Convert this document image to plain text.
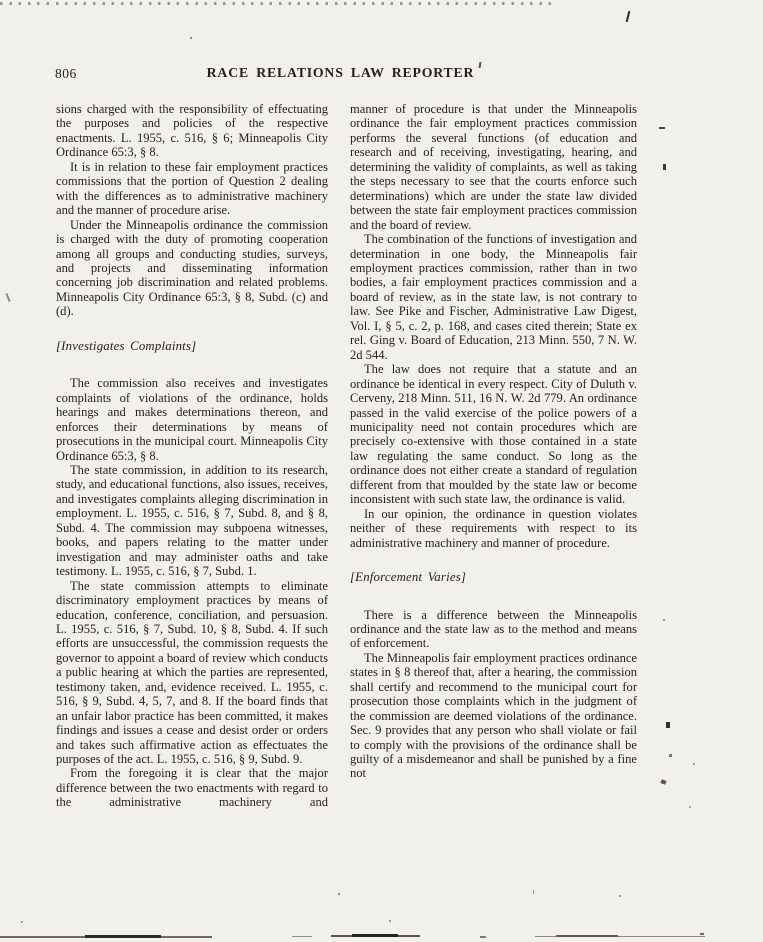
806	RACE RELATIONS LAW REPORTER

sions charged with the responsibility of effectuating the purposes and policies of the respective enactments. L. 1955, c. 516, § 6; Minneapolis City Ordinance 65:3, § 8.

It is in relation to these fair employment practices commissions that the portion of Question 2 dealing with the differences as to administrative machinery and the manner of procedure arise.

Under the Minneapolis ordinance the commission is charged with the duty of promoting cooperation among all groups and conducting studies, surveys, and projects and disseminating information concerning job discrimination and related problems. Minneapolis City Ordinance 65:3, § 8, Subd. (c) and (d).

[Investigates Complaints]

The commission also receives and investigates complaints of violations of the ordinance, holds hearings and makes determinations thereon, and enforces their determinations by means of prosecutions in the municipal court. Minneapolis City Ordinance 65:3, § 8.

The state commission, in addition to its research, study, and educational functions, also issues, receives, and investigates complaints alleging discrimination in employment. L. 1955, c. 516, § 7, Subd. 8, and § 8, Subd. 4. The commission may subpoena witnesses, books, and papers relating to the matter under investigation and may administer oaths and take testimony. L. 1955, c. 516, § 7, Subd. 1.

The state commission attempts to eliminate discriminatory employment practices by means of education, conference, conciliation, and persuasion. L. 1955, c. 516, § 7, Subd. 10, § 8, Subd. 4. If such efforts are unsuccessful, the commission requests the governor to appoint a board of review which conducts a public hearing at which the parties are represented, testimony taken, and, evidence received. L. 1955, c. 516, § 9, Subd. 4, 5, 7, and 8. If the board finds that an unfair labor practice has been committed, it makes findings and issues a cease and desist order or orders and takes such affirmative action as effectuates the purposes of the act. L. 1955, c. 516, § 9, Subd. 9.

From the foregoing it is clear that the major difference between the two enactments with regard to the administrative machinery and

manner of procedure is that under the Minneapolis ordinance the fair employment practices commission performs the several functions (of education and research and of receiving, investigating, hearing, and determining the validity of complaints, as well as taking the steps necessary to see that the courts enforce such determinations) which are under the state law divided between the state fair employment practices commission and the board of review.

The combination of the functions of investigation and determination in one body, the Minneapolis fair employment practices commission, rather than in two bodies, a fair employment practices commission and a board of review, as in the state law, is not contrary to law. See Pike and Fischer, Administrative Law Digest, Vol. I, § 5, c. 2, p. 168, and cases cited therein; State ex rel. Ging v. Board of Education, 213 Minn. 550, 7 N. W. 2d 544.

The law does not require that a statute and an ordinance be identical in every respect. City of Duluth v. Cerveny, 218 Minn. 511, 16 N. W. 2d 779. An ordinance passed in the valid exercise of the police powers of a municipality need not contain procedures which are precisely co-extensive with those contained in a state law regulating the same conduct. So long as the ordinance does not either create a standard of regulation different from that moulded by the state law or become inconsistent with such state law, the ordinance is valid.

In our opinion, the ordinance in question violates neither of these requirements with respect to its administrative machinery and manner of procedure.

[Enforcement Varies]

There is a difference between the Minneapolis ordinance and the state law as to the method and means of enforcement.

The Minneapolis fair employment practices ordinance states in § 8 thereof that, after a hearing, the commission shall certify and recommend to the municipal court for prosecution those complaints which in the judgment of the commission are deemed violations of the ordinance. Sec. 9 provides that any person who shall violate or fail to comply with the provisions of the ordinance shall be guilty of a misdemeanor and shall be punished by a fine not
